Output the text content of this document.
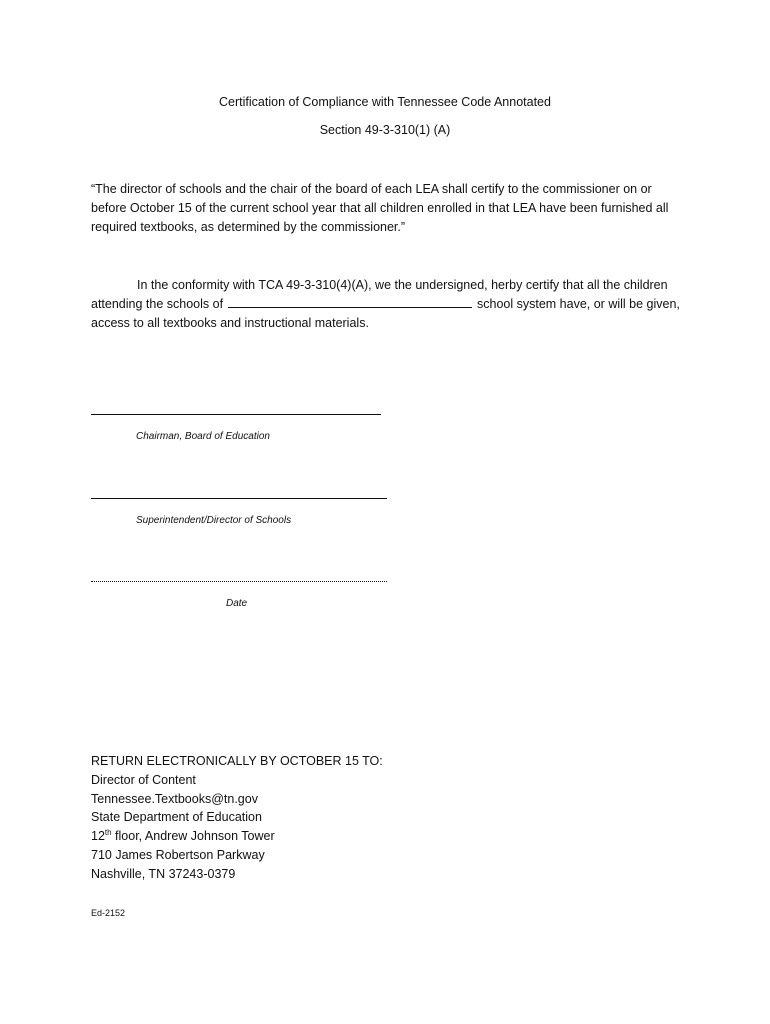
Certification of Compliance with Tennessee Code Annotated
Section 49-3-310(1) (A)
“The director of schools and the chair of the board of each LEA shall certify to the commissioner on or before October 15 of the current school year that all children enrolled in that LEA have been furnished all required textbooks, as determined by the commissioner.”
In the conformity with TCA 49-3-310(4)(A), we the undersigned, herby certify that all the children attending the schools of	school system have, or will be given, access to all textbooks and instructional materials.
Chairman, Board of Education
Superintendent/Director of Schools
Date
RETURN ELECTRONICALLY BY OCTOBER 15 TO:
Director of Content
Tennessee.Textbooks@tn.gov
State Department of Education
12th floor, Andrew Johnson Tower
710 James Robertson Parkway
Nashville, TN 37243-0379
Ed-2152
